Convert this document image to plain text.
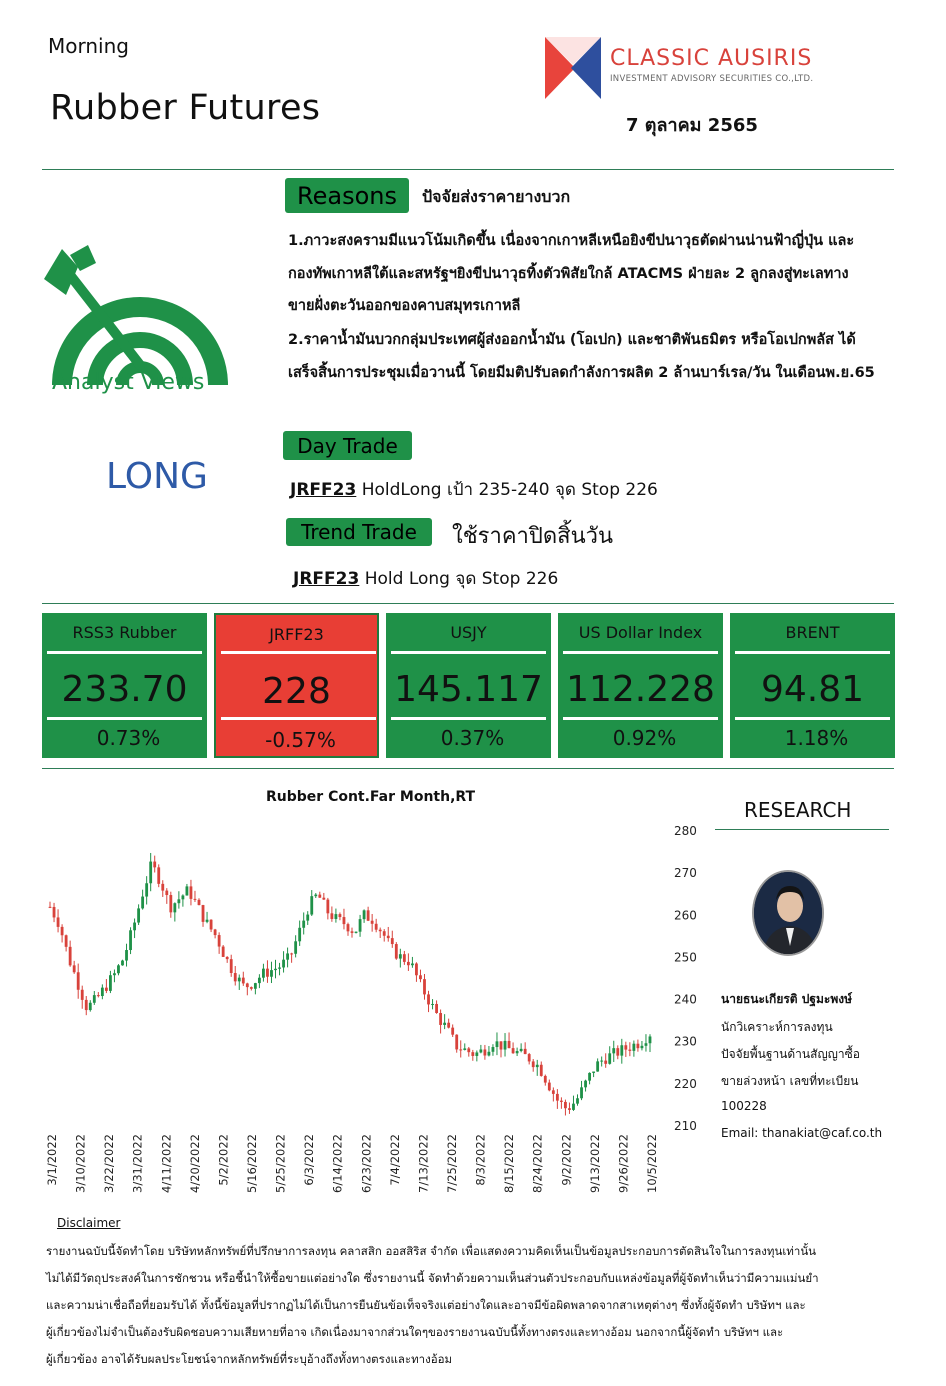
Morning
Rubber Futures
CLASSIC AUSIRIS
INVESTMENT ADVISORY SECURITIES CO.,LTD.
7 ตุลาคม 2565
Analyst Views
Reasons	ปัจจัยส่งราคายางบวก
1.ภาวะสงครามมีแนวโน้มเกิดขึ้น เนื่องจากเกาหลีเหนือยิงขีปนาวุธตัดผ่านน่านฟ้าญี่ปุ่น และ
กองทัพเกาหลีใต้และสหรัฐฯยิงขีปนาวุธทิ้งตัวพิสัยใกล้ ATACMS ฝ่ายละ 2 ลูกลงสู่ทะเลทาง
ขายฝั่งตะวันออกของคาบสมุทรเกาหลี
2.ราคาน้ำมันบวกกลุ่มประเทศผู้ส่งออกน้ำมัน (โอเปก) และชาติพันธมิตร หรือโอเปกพลัส ได้
เสร็จสิ้นการประชุมเมื่อวานนี้ โดยมีมติปรับลดกำลังการผลิต 2 ล้านบาร์เรล/วัน ในเดือนพ.ย.65
LONG
Day Trade
JRFF23 HoldLong เป้า 235-240 จุด Stop 226
Trend Trade	ใช้ราคาปิดสิ้นวัน
JRFF23 Hold Long จุด Stop 226
RSS3 Rubber
233.70
0.73%
JRFF23
228
-0.57%
USJY
145.117
0.37%
US Dollar Index
112.228
0.92%
BRENT
94.81
1.18%
Rubber Cont.Far Month,RT
280
270
260
250
240
230
220
210
3/1/2022 3/10/2022 3/22/2022 3/31/2022 4/11/2022 4/20/2022 5/2/2022 5/16/2022 5/25/2022 6/3/2022 6/14/2022 6/23/2022 7/4/2022 7/13/2022 7/25/2022 8/3/2022 8/15/2022 8/24/2022 9/2/2022 9/13/2022 9/26/2022 10/5/2022
RESEARCH
นายธนะเกียรติ ปฐมะพงษ์
นักวิเคราะห์การลงทุน
ปัจจัยพื้นฐานด้านสัญญาซื้อ
ขายล่วงหน้า เลขที่ทะเบียน
100228
Email: thanakiat@caf.co.th
Disclaimer
รายงานฉบับนี้จัดทำโดย บริษัทหลักทรัพย์ที่ปรึกษาการลงทุน คลาสสิก ออสสิริส จำกัด เพื่อแสดงความคิดเห็นเป็นข้อมูลประกอบการตัดสินใจในการลงทุนเท่านั้น
ไม่ได้มีวัตถุประสงค์ในการชักชวน หรือชี้นำให้ซื้อขายแต่อย่างใด ซึ่งรายงานนี้ จัดทำด้วยความเห็นส่วนตัวประกอบกับแหล่งข้อมูลที่ผู้จัดทำเห็นว่ามีความแม่นยำ
และความน่าเชื่อถือที่ยอมรับได้ ทั้งนี้ข้อมูลที่ปรากฏไม่ได้เป็นการยืนยันข้อเท็จจริงแต่อย่างใดและอาจมีข้อผิดพลาดจากสาเหตุต่างๆ ซึ่งทั้งผู้จัดทำ บริษัทฯ และ
ผู้เกี่ยวข้องไม่จำเป็นต้องรับผิดชอบความเสียหายที่อาจ เกิดเนื่องมาจากส่วนใดๆของรายงานฉบับนี้ทั้งทางตรงและทางอ้อม นอกจากนี้ผู้จัดทำ บริษัทฯ และ
ผู้เกี่ยวข้อง อาจได้รับผลประโยชน์จากหลักทรัพย์ที่ระบุอ้างถึงทั้งทางตรงและทางอ้อม
